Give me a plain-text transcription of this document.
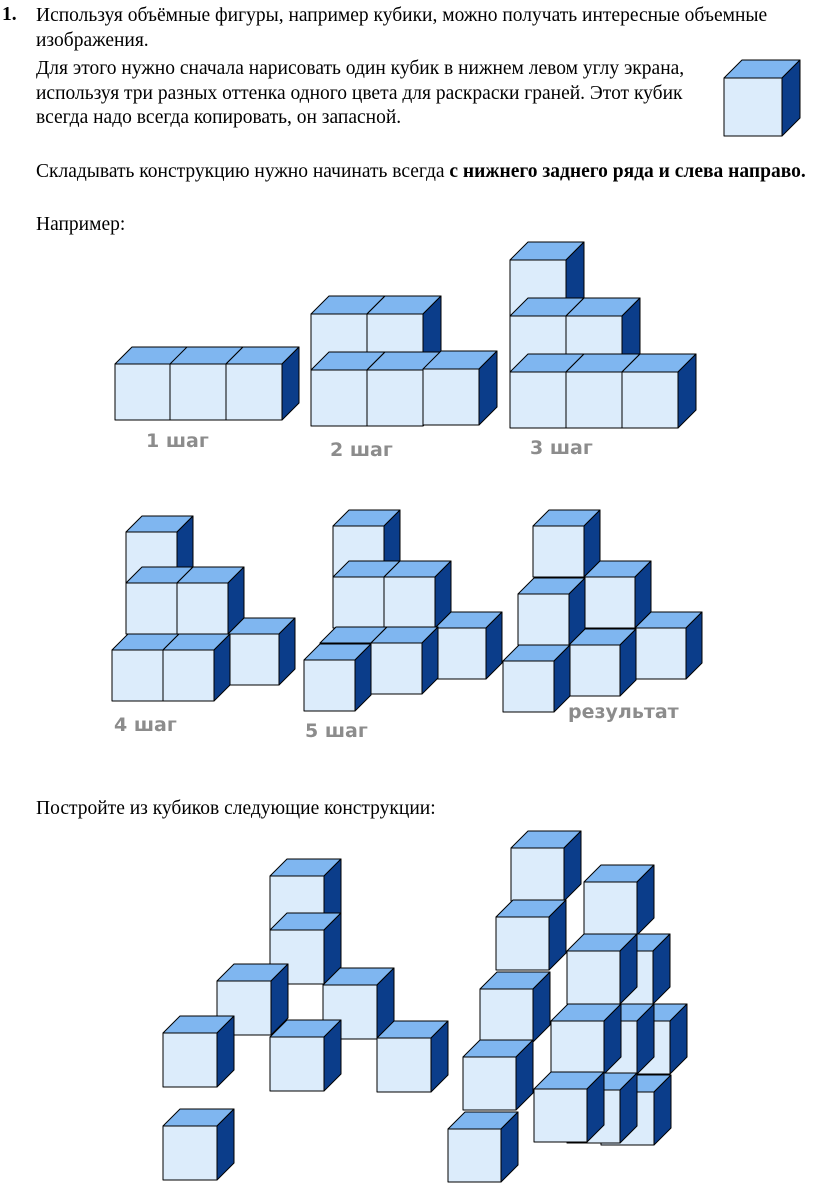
1. Используя объёмные фигуры, например кубики, можно получать интересные объемные изображения.
Для этого нужно сначала нарисовать один кубик в нижнем левом углу экрана, используя три разных оттенка одного цвета для раскраски граней. Этот кубик всегда надо всегда копировать, он запасной.
Складывать конструкцию нужно начинать всегда с нижнего заднего ряда и слева направо.
Например:
Постройте из кубиков следующие конструкции:
1 шаг	2 шаг	3 шаг
4 шаг	5 шаг
результат
